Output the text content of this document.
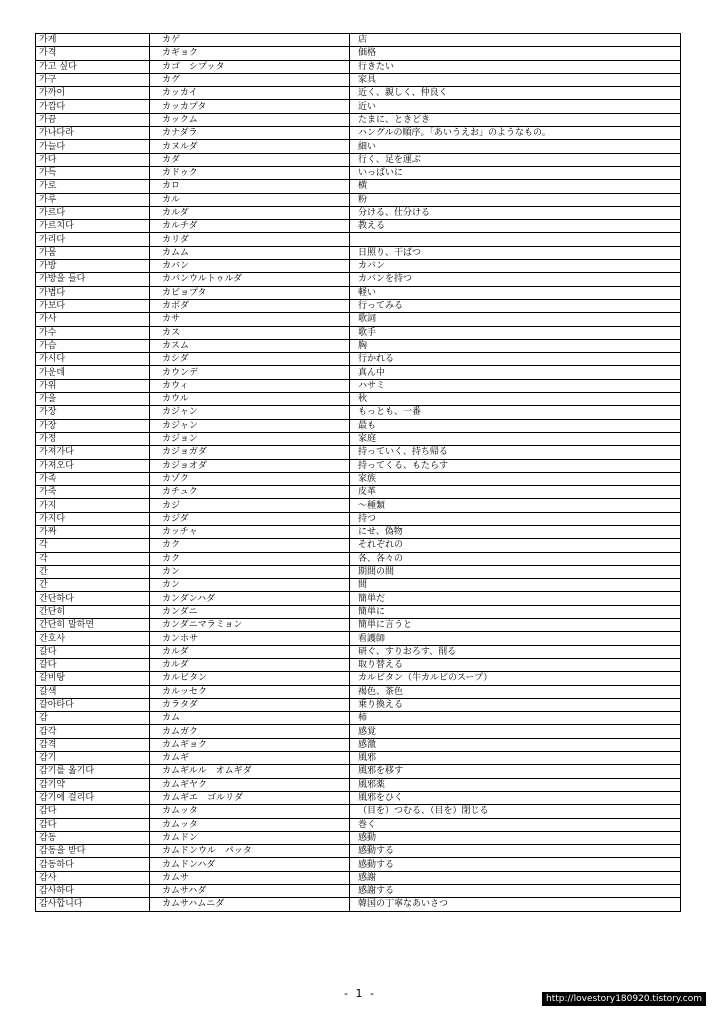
가게	カゲ	店
가격	カギョク	価格
가고 싶다	カゴ　シプッタ	行きたい
가구	カグ	家具
가까이	カッカイ	近く、親しく、仲良く
가깝다	カッカプタ	近い
가끔	カックム	たまに、ときどき
가나다라	カナダラ	ハングルの順序。「あいうえお」のようなもの。
가늘다	カヌルダ	細い
가다	カダ	行く、足を運ぶ
가득	カドゥク	いっぱいに
가로	カロ	横
가루	カル	粉
가르다	カルダ	分ける、仕分ける
가르치다	カルチダ	教える
가리다	カリダ	
가뭄	カムム	日照り、干ばつ
가방	カバン	カバン
가방을 들다	カバンウルトゥルダ	カバンを持つ
가볍다	カビョプタ	軽い
가보다	カボダ	行ってみる
가사	カサ	歌詞
가수	カス	歌手
가슴	カスム	胸
가시다	カシダ	行かれる
가운데	カウンデ	真ん中
가위	カウィ	ハサミ
가을	カウル	秋
가장	カジャン	もっとも、一番
가장	カジャン	最も
가정	カジョン	家庭
가져가다	カジョガダ	持っていく、持ち帰る
가져오다	カジョオダ	持ってくる、もたらす
가족	カゾク	家族
가죽	カチュク	皮革
가지	カジ	～種類
가지다	カジダ	持つ
가짜	カッチャ	にせ、偽物
각	カク	それぞれの
각	カク	各、各々の
간	カン	期間の間
간	カン	間
간단하다	カンダンハダ	簡単だ
간단히	カンダニ	簡単に
간단히 말하면	カンダニマラミョン	簡単に言うと
간호사	カンホサ	看護師
갈다	カルダ	研ぐ、すりおろす、削る
갈다	カルダ	取り替える
갈비탕	カルビタン	カルビタン（牛カルビのスープ）
갈색	カルッセク	褐色、茶色
갈아타다	カラタダ	乗り換える
감	カム	柿
감각	カムガク	感覚
감격	カムギョク	感激
감기	カムギ	風邪
감기를 옮기다	カムギルル　オムギダ	風邪を移す
감기약	カムギヤク	風邪薬
감기에 걸리다	カムギエ　ゴルリダ	風邪をひく
감다	カムッタ	（目を）つむる、（目を）閉じる
감다	カムッタ	巻く
감동	カムドン	感動
감동을 받다	カムドンウル　パッタ	感動する
감동하다	カムドンハダ	感動する
감사	カムサ	感謝
감사하다	カムサハダ	感謝する
감사합니다	カムサハムニダ	韓国の丁寧なあいさつ
- 1 -	http://lovestory180920.tistory.com
